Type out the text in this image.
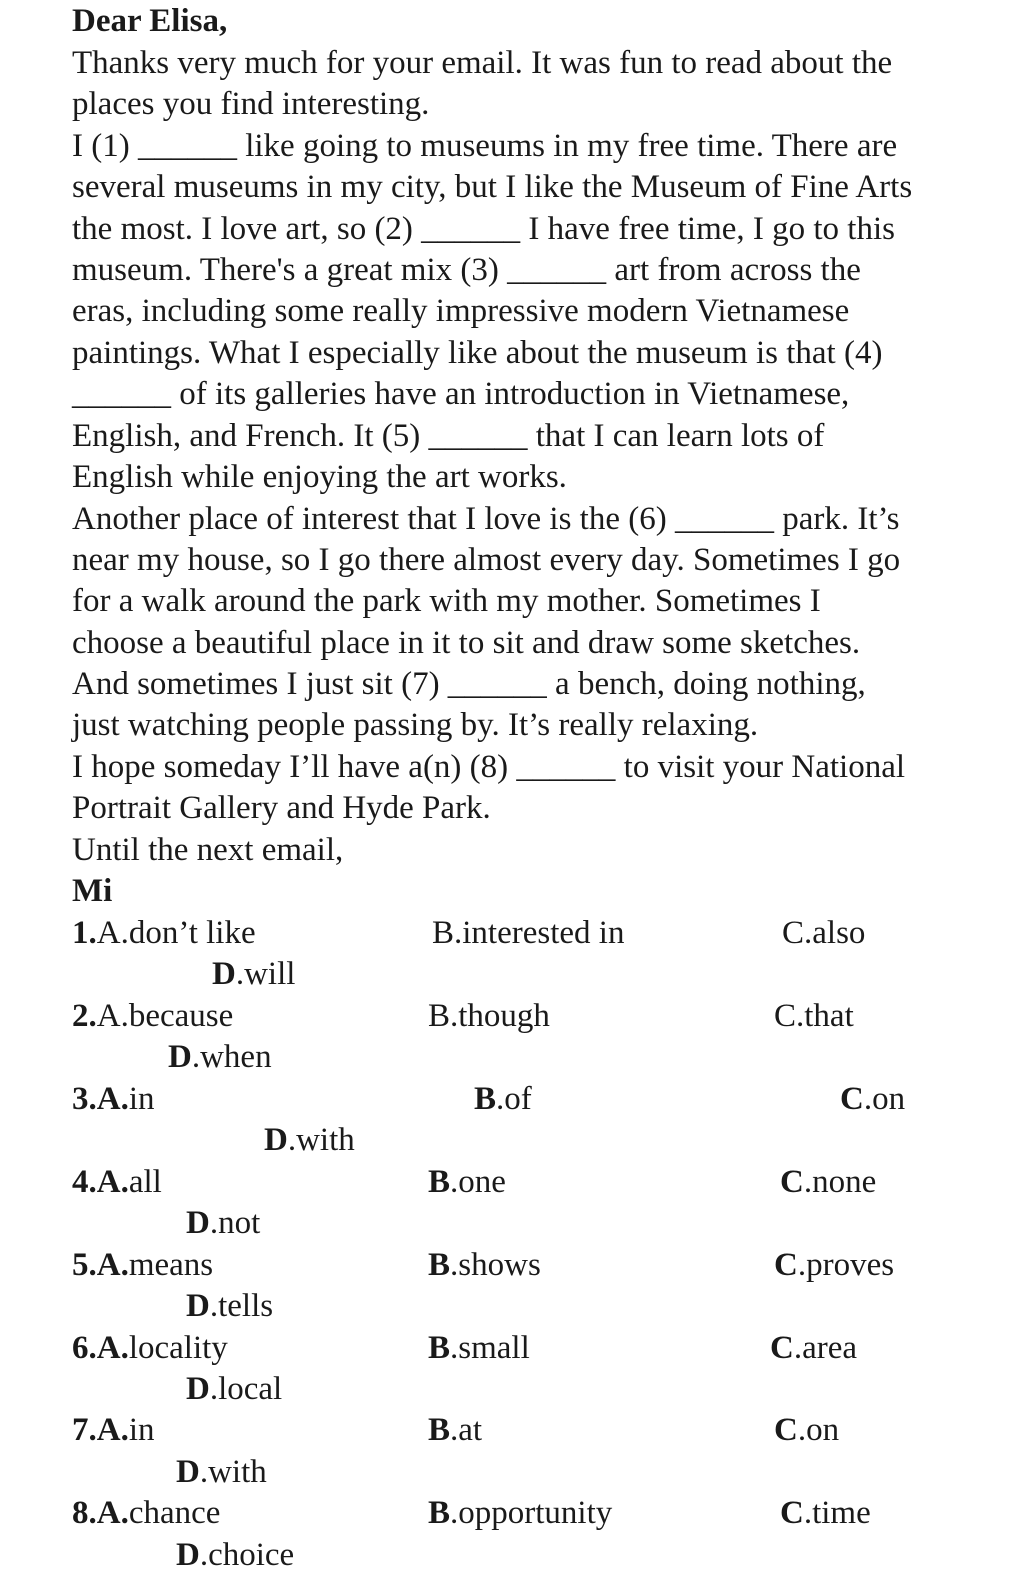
Dear Elisa,
Thanks very much for your email. It was fun to read about the
places you find interesting.
I (1) ______ like going to museums in my free time. There are
several museums in my city, but I like the Museum of Fine Arts
the most. I love art, so (2) ______ I have free time, I go to this
museum. There's a great mix (3) ______ art from across the
eras, including some really impressive modern Vietnamese
paintings. What I especially like about the museum is that (4)
______ of its galleries have an introduction in Vietnamese,
English, and French. It (5) ______ that I can learn lots of
English while enjoying the art works.
Another place of interest that I love is the (6) ______ park. It’s
near my house, so I go there almost every day. Sometimes I go
for a walk around the park with my mother. Sometimes I
choose a beautiful place in it to sit and draw some sketches.
And sometimes I just sit (7) ______ a bench, doing nothing,
just watching people passing by. It’s really relaxing.
I hope someday I’ll have a(n) (8) ______ to visit your National
Portrait Gallery and Hyde Park.
Until the next email,
Mi
1.A.don’t like	B.interested in	C.also
D.will
2.A.because	B.though	C.that
D.when
3.A.in	B.of	C.on
D.with
4.A.all	B.one	C.none
D.not
5.A.means	B.shows	C.proves
D.tells
6.A.locality	B.small	C.area
D.local
7.A.in	B.at	C.on
D.with
8.A.chance	B.opportunity	C.time
D.choice
